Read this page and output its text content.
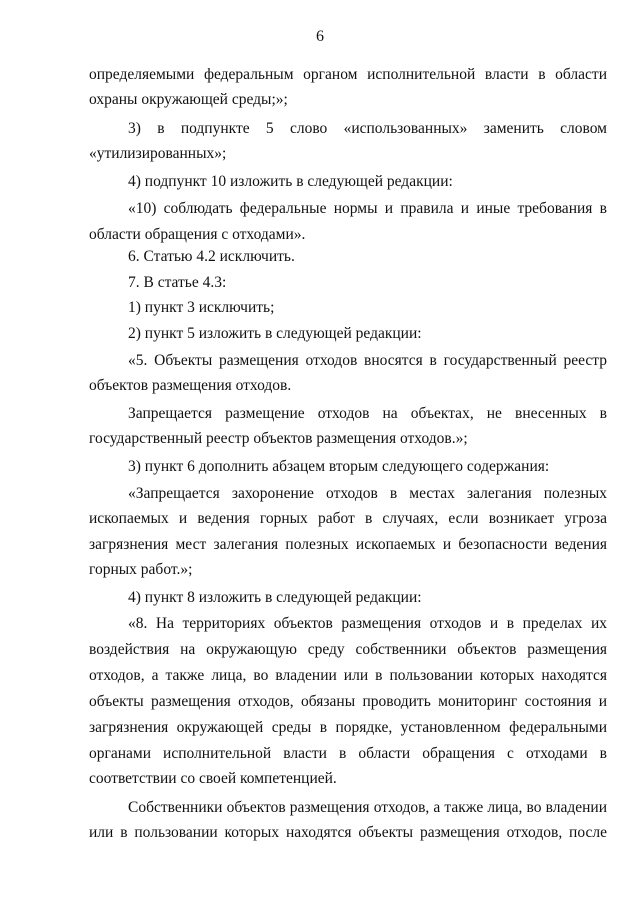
6
определяемыми федеральным органом исполнительной власти в области
охраны окружающей среды;»;
3) в подпункте 5 слово «использованных» заменить словом
«утилизированных»;
4) подпункт 10 изложить в следующей редакции:
«10) соблюдать федеральные нормы и правила и иные требования в
области обращения с отходами».
6. Статью 4.2 исключить.
7. В статье 4.3:
1) пункт 3 исключить;
2) пункт 5 изложить в следующей редакции:
«5. Объекты размещения отходов вносятся в государственный реестр
объектов размещения отходов.
Запрещается размещение отходов на объектах, не внесенных в
государственный реестр объектов размещения отходов.»;
3) пункт 6 дополнить абзацем вторым следующего содержания:
«Запрещается захоронение отходов в местах залегания полезных
ископаемых и ведения горных работ в случаях, если возникает угроза
загрязнения мест залегания полезных ископаемых и безопасности ведения
горных работ.»;
4) пункт 8 изложить в следующей редакции:
«8. На территориях объектов размещения отходов и в пределах их
воздействия на окружающую среду собственники объектов размещения
отходов, а также лица, во владении или в пользовании которых находятся
объекты размещения отходов, обязаны проводить мониторинг состояния и
загрязнения окружающей среды в порядке, установленном федеральными
органами исполнительной власти в области обращения с отходами в
соответствии со своей компетенцией.
Собственники объектов размещения отходов, а также лица, во владении
или в пользовании которых находятся объекты размещения отходов, после
